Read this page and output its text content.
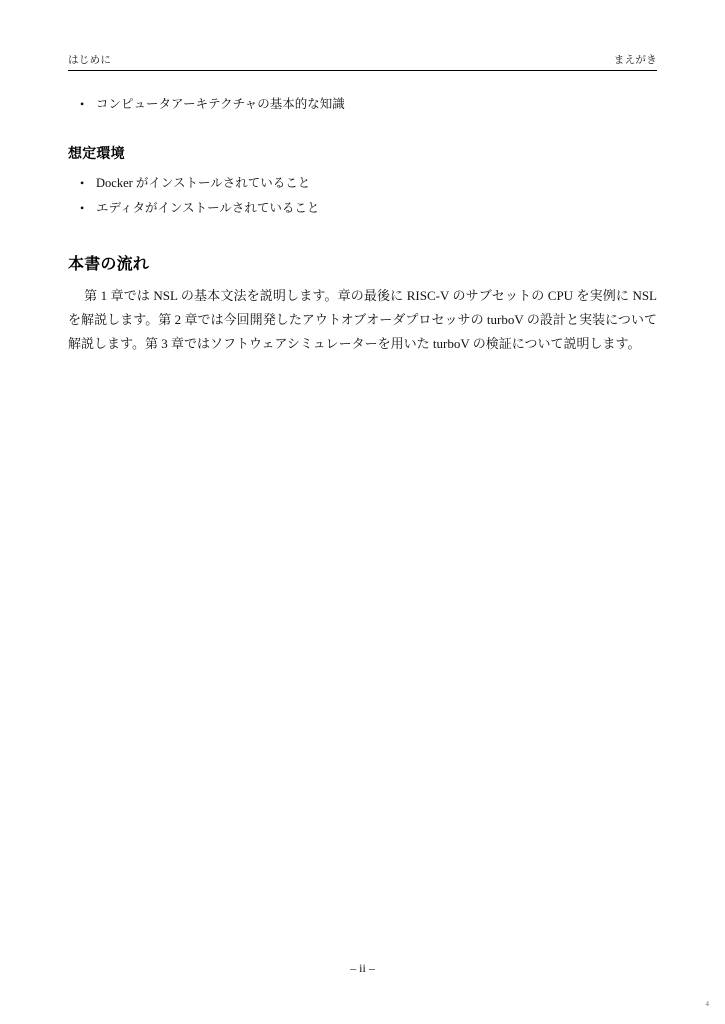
はじめに	まえがき
• コンピュータアーキテクチャの基本的な知識
想定環境
• Docker がインストールされていること
• エディタがインストールされていること
本書の流れ

第 1 章では NSL の基本文法を説明します。章の最後に RISC-V のサブセットの CPU を実例に NSL を解説します。第 2 章では今回開発したアウトオブオーダプロセッサの turboV の設計と実装について解説します。第 3 章ではソフトウェアシミュレーターを用いた turboV の検証について説明します。

– ii –
4
